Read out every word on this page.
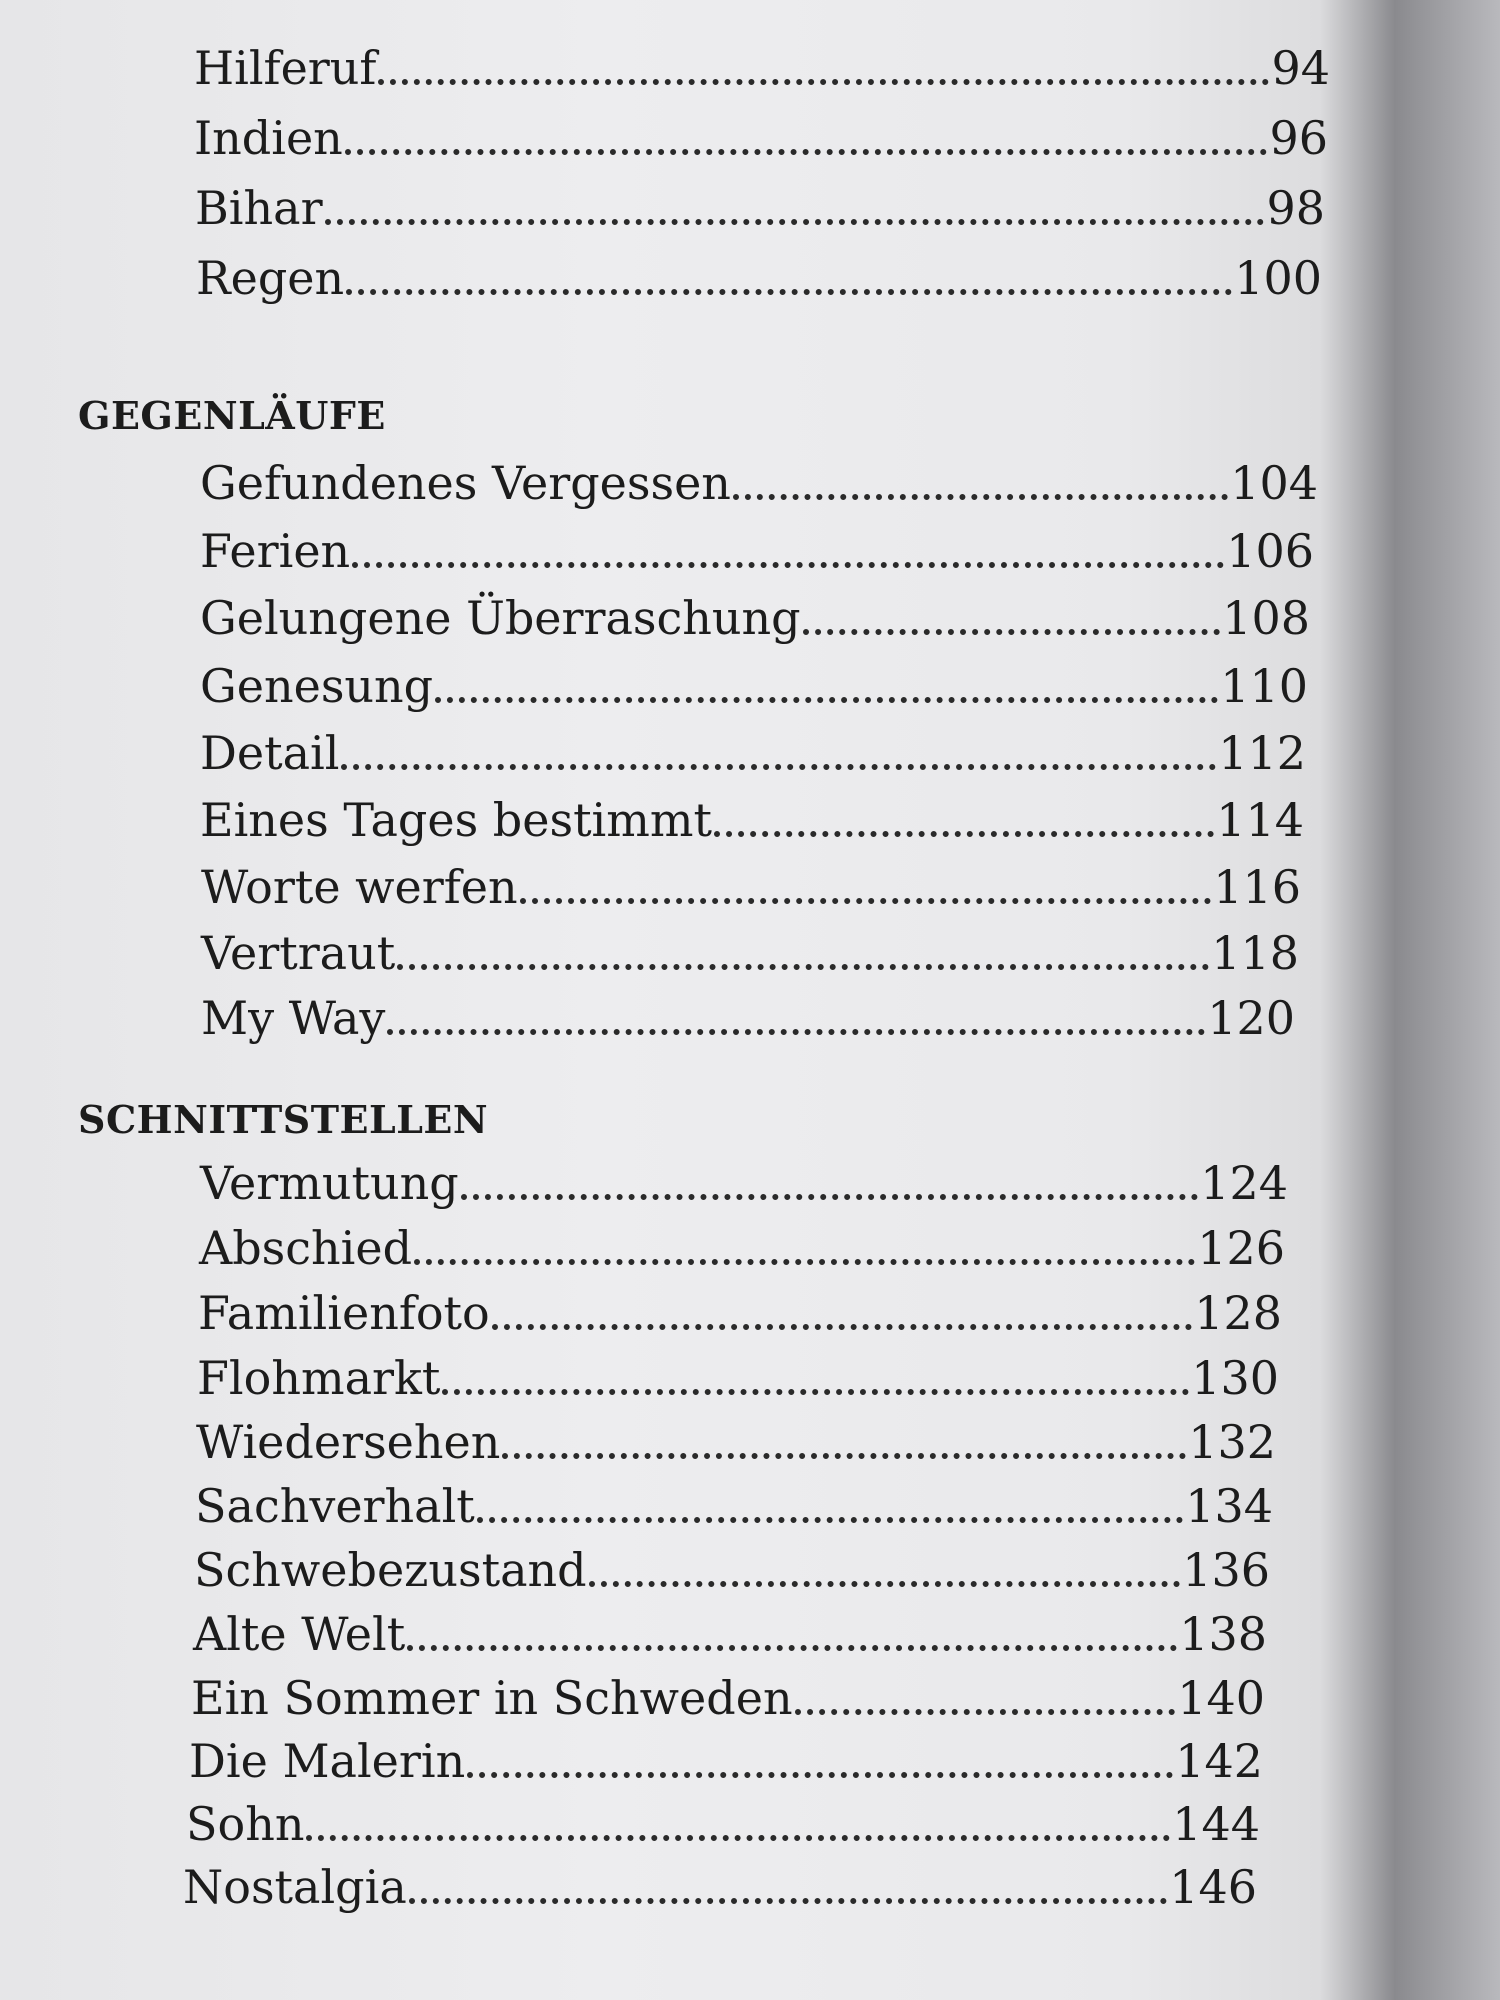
Hilferuf	94
Indien	96
Bihar	98
Regen	100
GEGENLÄUFE
Gefundenes Vergessen	104
Ferien	106
Gelungene Überraschung	108
Genesung	110
Detail	112
Eines Tages bestimmt	114
Worte werfen	116
Vertraut	118
My Way	120
SCHNITTSTELLEN
Vermutung	124
Abschied	126
Familienfoto	128
Flohmarkt	130
Wiedersehen	132
Sachverhalt	134
Schwebezustand	136
Alte Welt	138
Ein Sommer in Schweden	140
Die Malerin	142
Sohn	144
Nostalgia	146
